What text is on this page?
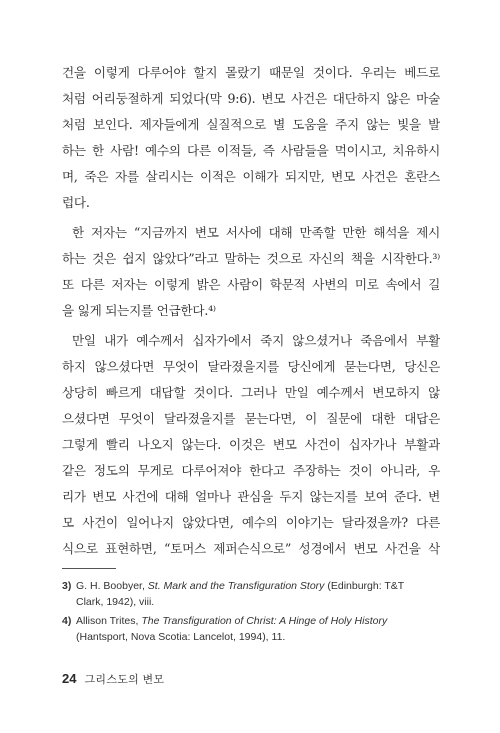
건을 이렇게 다루어야 할지 몰랐기 때문일 것이다. 우리는 베드로
처럼 어리둥절하게 되었다(막 9:6). 변모 사건은 대단하지 않은 마술
처럼 보인다. 제자들에게 실질적으로 별 도움을 주지 않는 빛을 발
하는 한 사람! 예수의 다른 이적들, 즉 사람들을 먹이시고, 치유하시
며, 죽은 자를 살리시는 이적은 이해가 되지만, 변모 사건은 혼란스
럽다.
한 저자는 “지금까지 변모 서사에 대해 만족할 만한 해석을 제시
하는 것은 쉽지 않았다”라고 말하는 것으로 자신의 책을 시작한다.³⁾
또 다른 저자는 이렇게 밝은 사람이 학문적 사변의 미로 속에서 길
을 잃게 되는지를 언급한다.⁴⁾
만일 내가 예수께서 십자가에서 죽지 않으셨거나 죽음에서 부활
하지 않으셨다면 무엇이 달라졌을지를 당신에게 묻는다면, 당신은
상당히 빠르게 대답할 것이다. 그러나 만일 예수께서 변모하지 않
으셨다면 무엇이 달라졌을지를 묻는다면, 이 질문에 대한 대답은
그렇게 빨리 나오지 않는다. 이것은 변모 사건이 십자가나 부활과
같은 정도의 무게로 다루어져야 한다고 주장하는 것이 아니라, 우
리가 변모 사건에 대해 얼마나 관심을 두지 않는지를 보여 준다. 변
모 사건이 일어나지 않았다면, 예수의 이야기는 달라졌을까? 다른
식으로 표현하면, “토머스 제퍼슨식으로” 성경에서 변모 사건을 삭
3) G. H. Boobyer, St. Mark and the Transfiguration Story (Edinburgh: T&T
Clark, 1942), viii.
4) Allison Trites, The Transfiguration of Christ: A Hinge of Holy History
(Hantsport, Nova Scotia: Lancelot, 1994), 11.
24 그리스도의 변모
